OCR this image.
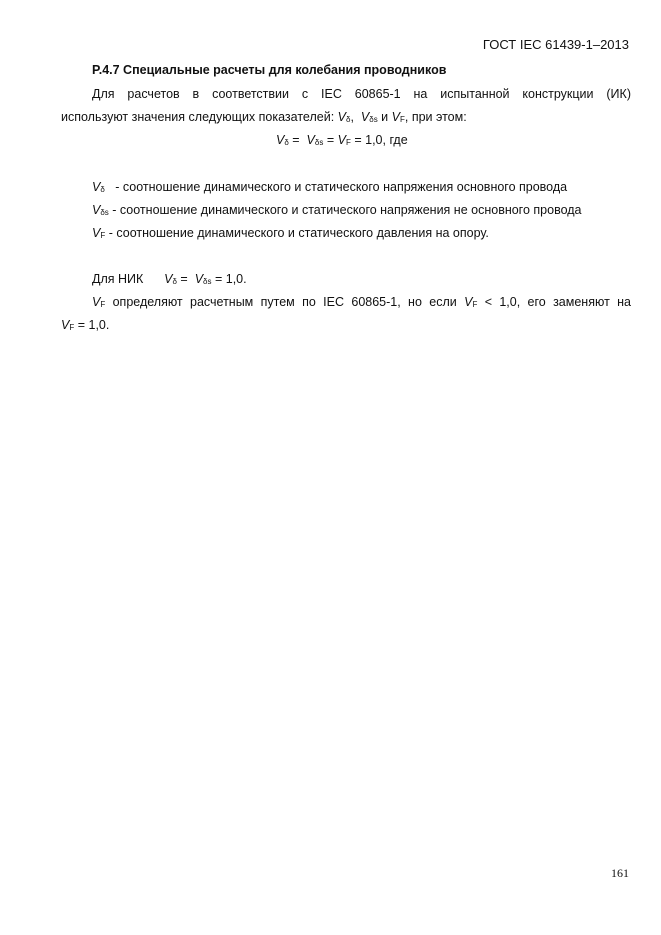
ГОСТ IEC 61439-1–2013
P.4.7 Специальные расчеты для колебания проводников
Для расчетов в соответствии с IEC 60865-1 на испытанной конструкции (ИК)
используют значения следующих показателей: $V_\delta$, $V_{\delta s}$ и $V_F$, при этом:
$V_\delta = V_{\delta s} = V_F = 1,0$, где
$V_\delta$ - соотношение динамического и статического напряжения основного провода
$V_{\delta s}$ - соотношение динамического и статического напряжения не основного провода
$V_F$ - соотношение динамического и статического давления на опору.
Для НИК $V_\delta = V_{\delta s} = 1,0$.
$V_F$ определяют расчетным путем по IEC 60865-1, но если $V_F < 1,0$, его заменяют на
$V_F = 1,0$.
161
